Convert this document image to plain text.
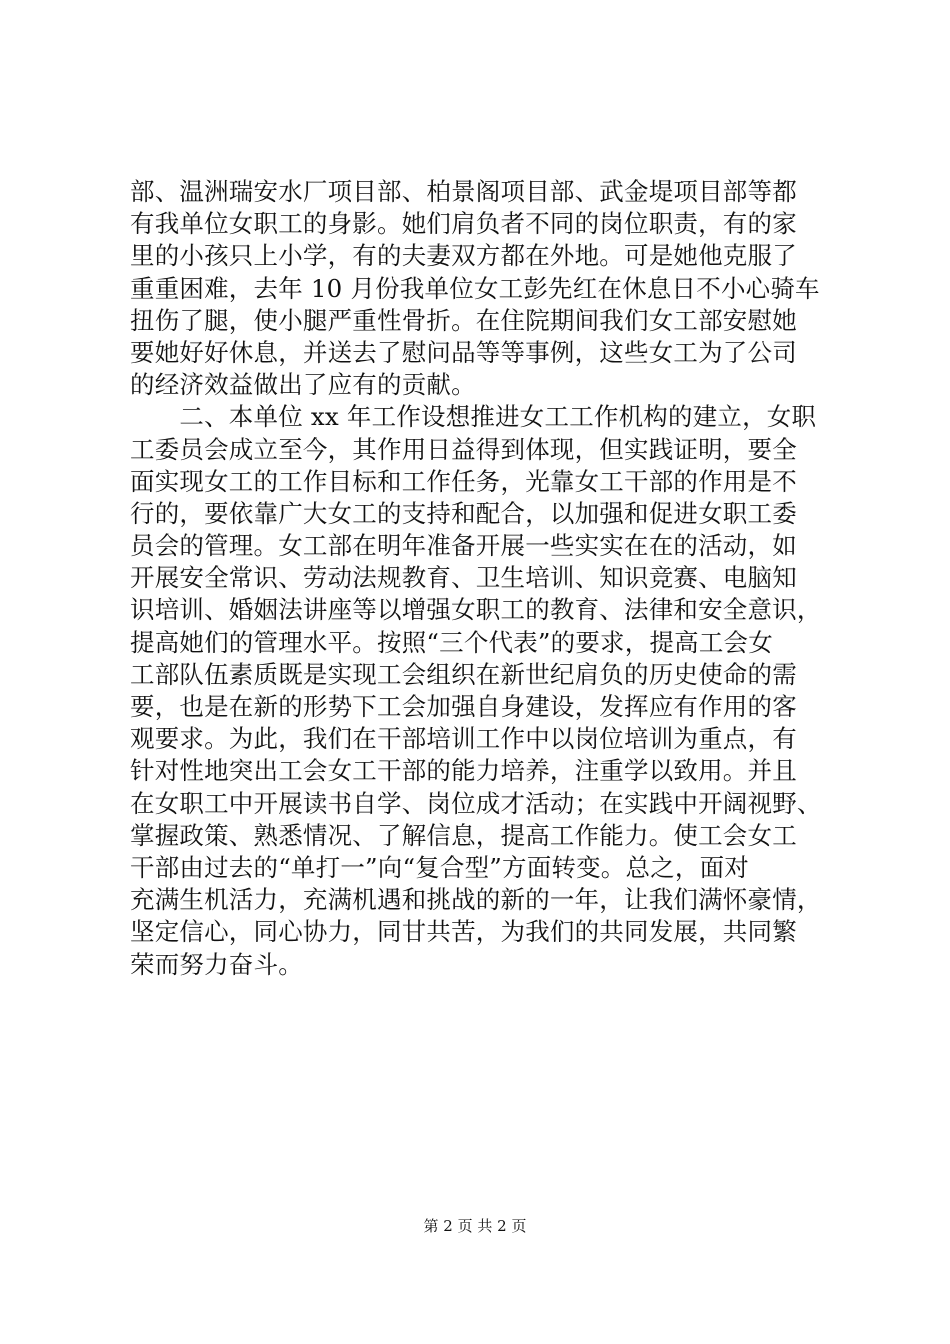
部、温洲瑞安水厂项目部、柏景阁项目部、武金堤项目部等都
有我单位女职工的身影。她们肩负者不同的岗位职责，有的家
里的小孩只上小学，有的夫妻双方都在外地。可是她他克服了
重重困难，去年 10 月份我单位女工彭先红在休息日不小心骑车
扭伤了腿，使小腿严重性骨折。在住院期间我们女工部安慰她
要她好好休息，并送去了慰问品等等事例，这些女工为了公司
的经济效益做出了应有的贡献。
　　二、本单位 xx 年工作设想推进女工工作机构的建立，女职
工委员会成立至今，其作用日益得到体现，但实践证明，要全
面实现女工的工作目标和工作任务，光靠女工干部的作用是不
行的，要依靠广大女工的支持和配合，以加强和促进女职工委
员会的管理。女工部在明年准备开展一些实实在在的活动，如
开展安全常识、劳动法规教育、卫生培训、知识竞赛、电脑知
识培训、婚姻法讲座等以增强女职工的教育、法律和安全意识，
提高她们的管理水平。按照“三个代表”的要求，提高工会女
工部队伍素质既是实现工会组织在新世纪肩负的历史使命的需
要，也是在新的形势下工会加强自身建设，发挥应有作用的客
观要求。为此，我们在干部培训工作中以岗位培训为重点，有
针对性地突出工会女工干部的能力培养，注重学以致用。并且
在女职工中开展读书自学、岗位成才活动；在实践中开阔视野、
掌握政策、熟悉情况、了解信息，提高工作能力。使工会女工
干部由过去的“单打一”向“复合型”方面转变。总之，面对
充满生机活力，充满机遇和挑战的新的一年，让我们满怀豪情，
坚定信心，同心协力，同甘共苦，为我们的共同发展，共同繁
荣而努力奋斗。
第 2 页 共 2 页
